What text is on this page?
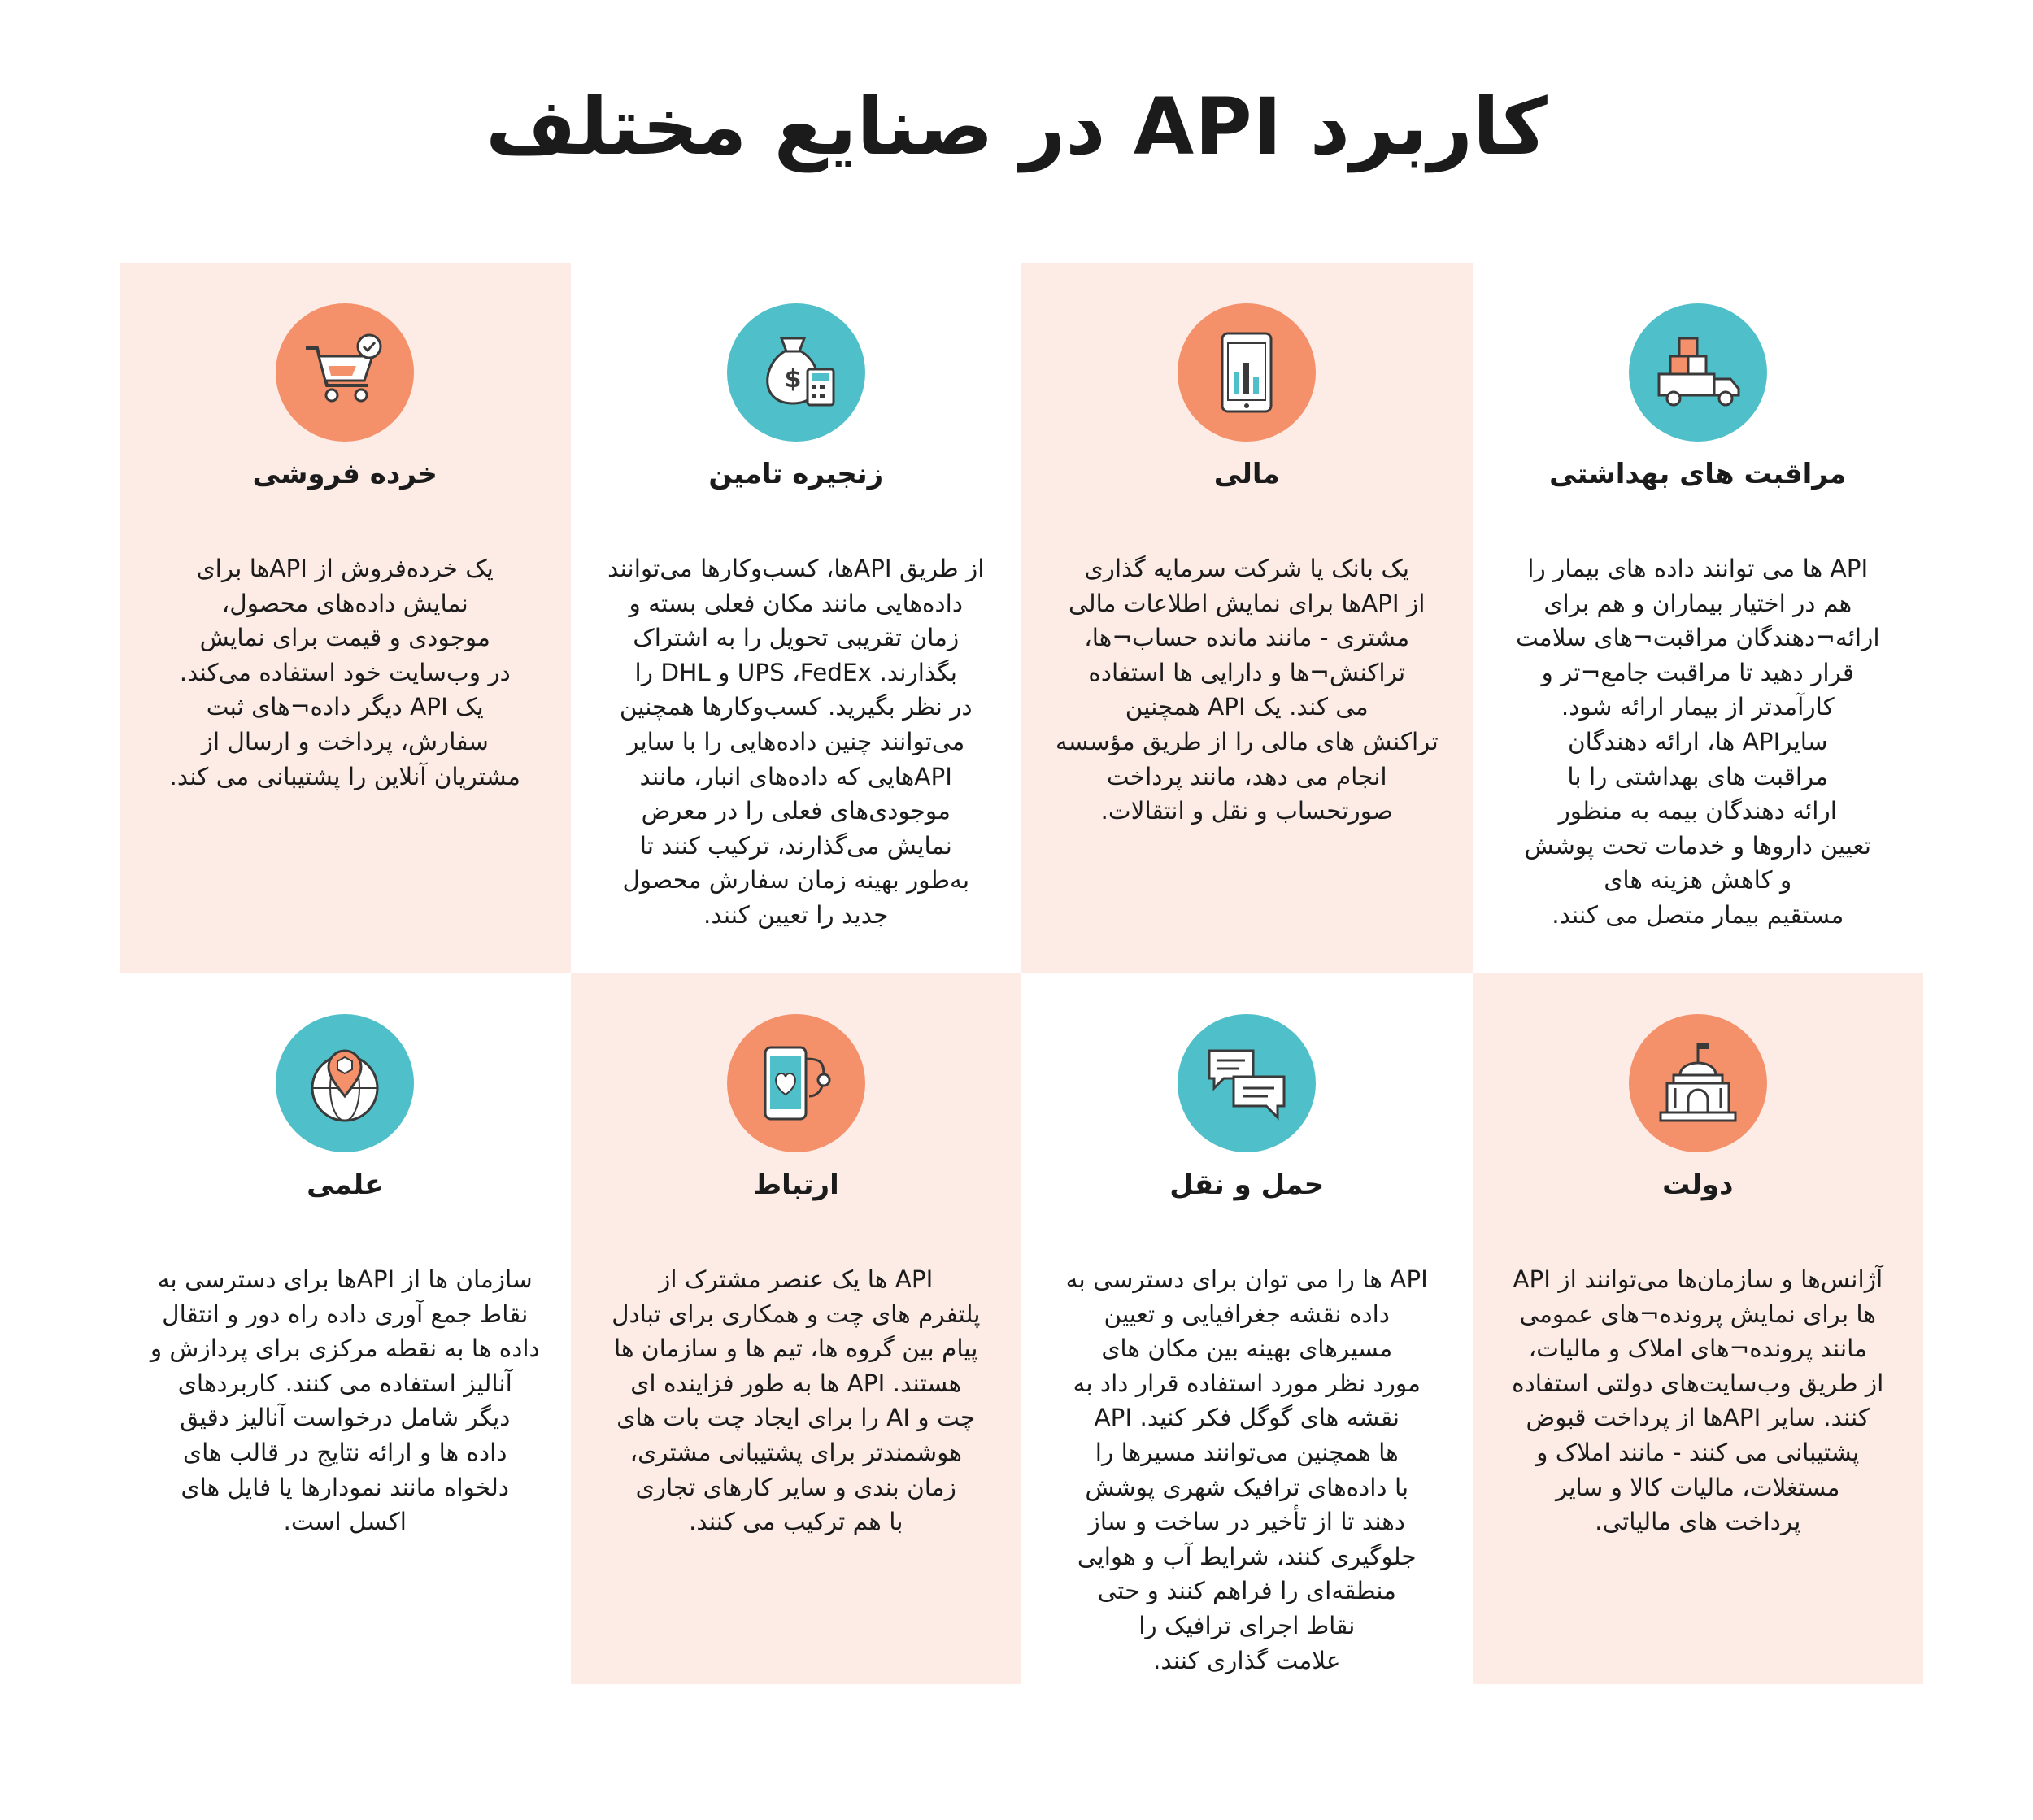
کاربرد API در صنایع مختلف
مراقبت های بهداشتی

API ها می توانند داده های بیمار را
هم در اختیار بیماران و هم برای
ارائه¬دهندگان مراقبت¬های سلامت
قرار دهید تا مراقبت جامع¬تر و
کارآمدتر از بیمار ارائه شود.
سایرAPI ها، ارائه دهندگان
مراقبت های بهداشتی را با
ارائه دهندگان بیمه به منظور
تعیین داروها و خدمات تحت پوشش
و کاهش هزینه های
مستقیم بیمار متصل می کنند.

مالی

یک بانک یا شرکت سرمایه گذاری
از APIها برای نمایش اطلاعات مالی
مشتری - مانند مانده حساب¬ها،
تراکنش¬ها و دارایی ها استفاده
می کند. یک API همچنین
تراکنش های مالی را از طریق مؤسسه
انجام می دهد، مانند پرداخت
صورتحساب و نقل و انتقالات.

$
زنجیره تامین

از طریق APIها، کسب‌وکارها می‌توانند
داده‌هایی مانند مکان فعلی بسته و
زمان تقریبی تحویل را به اشتراک
بگذارند. UPS ،FedEx و DHL را
در نظر بگیرید. کسب‌وکارها همچنین
می‌توانند چنین داده‌هایی را با سایر
APIهایی که داده‌های انبار، مانند
موجودی‌های فعلی را در معرض
نمایش می‌گذارند، ترکیب کنند تا
به‌طور بهینه زمان سفارش محصول
جدید را تعیین کنند.

خرده فروشی

یک خرده‌فروش از APIها برای
نمایش داده‌های محصول،
موجودی و قیمت برای نمایش
در وب‌سایت خود استفاده می‌کند.
یک API دیگر داده¬های ثبت
سفارش، پرداخت و ارسال از
مشتریان آنلاین را پشتیبانی می کند.

دولت

آژانس‌ها و سازمان‌ها می‌توانند از API
ها برای نمایش پرونده¬های عمومی
مانند پرونده¬های املاک و مالیات،
از طریق وب‌سایت‌های دولتی استفاده
کنند. سایر APIها از پرداخت قبوض
پشتیبانی می کنند - مانند املاک و
مستغلات، مالیات کالا و سایر
پرداخت های مالیاتی.

حمل و نقل

API ها را می توان برای دسترسی به
داده نقشه جغرافیایی و تعیین
مسیرهای بهینه بین مکان های
مورد نظر مورد استفاده قرار داد به
نقشه های گوگل فکر کنید. API
ها همچنین می‌توانند مسیرها را
با داده‌های ترافیک شهری پوشش
دهند تا از تأخیر در ساخت و ساز
جلوگیری کنند، شرایط آب و هوایی
منطقه‌ای را فراهم کنند و حتی
نقاط اجرای ترافیک را
علامت گذاری کنند.

ارتباط

API ها یک عنصر مشترک از
پلتفرم های چت و همکاری برای تبادل
پیام بین گروه ها، تیم ها و سازمان ها
هستند. API ها به طور فزاینده ای
چت و AI را برای ایجاد چت بات های
هوشمندتر برای پشتیبانی مشتری،
زمان بندی و سایر کارهای تجاری
با هم ترکیب می کنند.

علمی

سازمان ها از APIها برای دسترسی به
نقاط جمع آوری داده راه دور و انتقال
داده ها به نقطه مرکزی برای پردازش و
آنالیز استفاده می کنند. کاربردهای
دیگر شامل درخواست آنالیز دقیق
داده ها و ارائه نتایج در قالب های
دلخواه مانند نمودارها یا فایل های
اکسل است.
